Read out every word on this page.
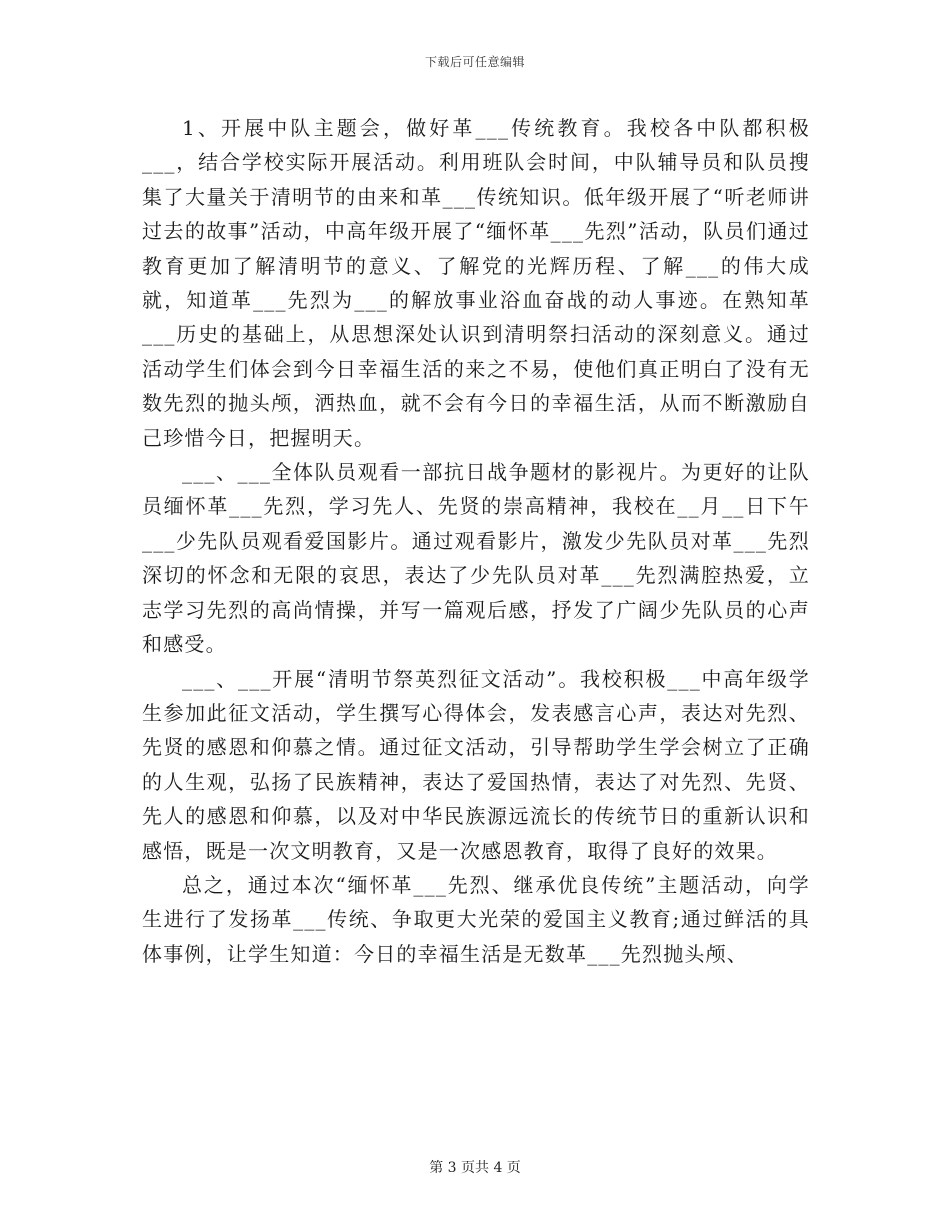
下载后可任意编辑

1、开展中队主题会，做好革___传统教育。我校各中队都积极___，结合学校实际开展活动。利用班队会时间，中队辅导员和队员搜集了大量关于清明节的由来和革___传统知识。低年级开展了“听老师讲过去的故事”活动，中高年级开展了“缅怀革___先烈”活动，队员们通过教育更加了解清明节的意义、了解党的光辉历程、了解___的伟大成就，知道革___先烈为___的解放事业浴血奋战的动人事迹。在熟知革___历史的基础上，从思想深处认识到清明祭扫活动的深刻意义。通过活动学生们体会到今日幸福生活的来之不易，使他们真正明白了没有无数先烈的抛头颅，洒热血，就不会有今日的幸福生活，从而不断激励自己珍惜今日，把握明天。

___、___全体队员观看一部抗日战争题材的影视片。为更好的让队员缅怀革___先烈，学习先人、先贤的崇高精神，我校在__月__日下午___少先队员观看爱国影片。通过观看影片，激发少先队员对革___先烈深切的怀念和无限的哀思，表达了少先队员对革___先烈满腔热爱，立志学习先烈的高尚情操，并写一篇观后感，抒发了广阔少先队员的心声和感受。

___、___开展“清明节祭英烈征文活动”。我校积极___中高年级学生参加此征文活动，学生撰写心得体会，发表感言心声，表达对先烈、先贤的感恩和仰慕之情。通过征文活动，引导帮助学生学会树立了正确的人生观，弘扬了民族精神，表达了爱国热情，表达了对先烈、先贤、先人的感恩和仰慕，以及对中华民族源远流长的传统节日的重新认识和感悟，既是一次文明教育，又是一次感恩教育，取得了良好的效果。

总之，通过本次“缅怀革___先烈、继承优良传统”主题活动，向学生进行了发扬革___传统、争取更大光荣的爱国主义教育;通过鲜活的具体事例，让学生知道：今日的幸福生活是无数革___先烈抛头颅、

第 3 页共 4 页
